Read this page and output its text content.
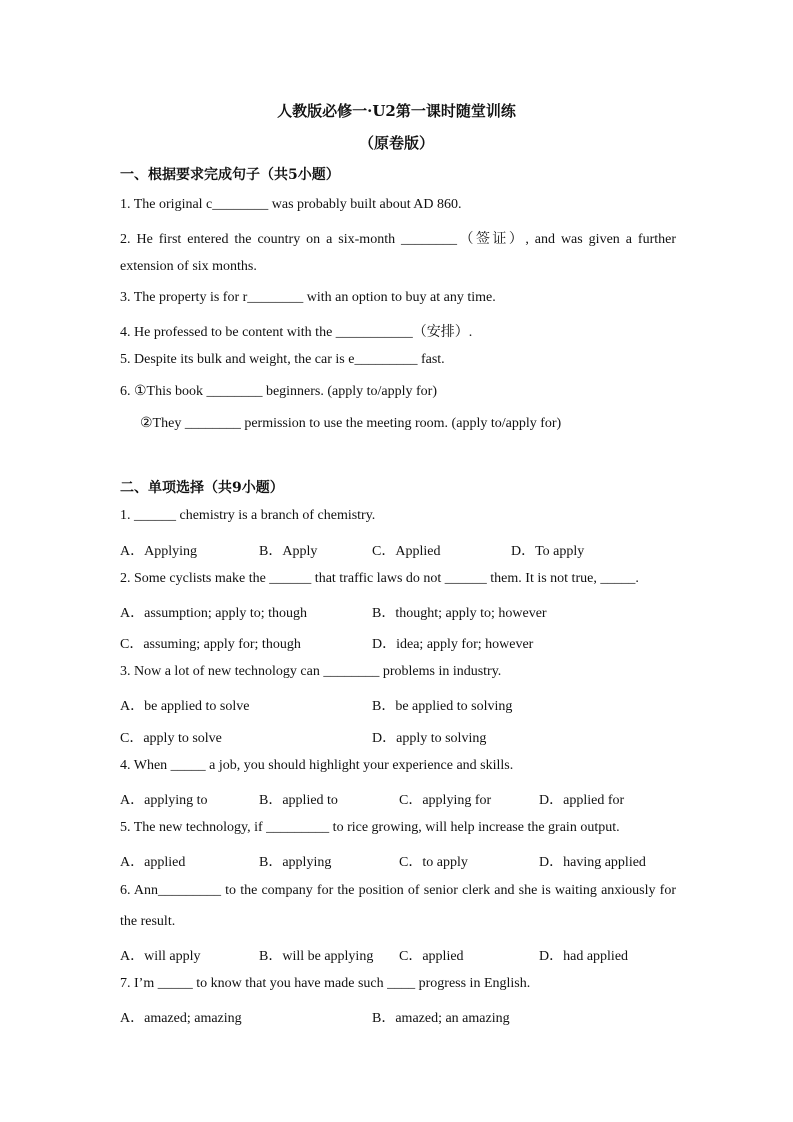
人教版必修一·U2第一课时随堂训练
（原卷版）
一、根据要求完成句子（共5小题）
1. The original c________ was probably built about AD 860.
2. He first entered the country on a six-month ________（签证）, and was given a further
extension of six months.
3. The property is for r________ with an option to buy at any time.
4. He professed to be content with the ___________（安排）.
5. Despite its bulk and weight, the car is e_________ fast.
6. ①This book ________ beginners. (apply to/apply for)
②They ________ permission to use the meeting room. (apply to/apply for)
二、单项选择（共9小题）
1. ______ chemistry is a branch of chemistry.
A．Applying	B．Apply	C．Applied	D．To apply
2. Some cyclists make the ______ that traffic laws do not ______ them. It is not true, _____.
A．assumption; apply to; though	B．thought; apply to; however
C．assuming; apply for; though	D．idea; apply for; however
3. Now a lot of new technology can ________ problems in industry.
A．be applied to solve	B．be applied to solving
C．apply to solve	D．apply to solving
4. When _____ a job, you should highlight your experience and skills.
A．applying to	B．applied to	C．applying for	D．applied for
5. The new technology, if _________ to rice growing, will help increase the grain output.
A．applied	B．applying	C．to apply	D．having applied
6. Ann_________ to the company for the position of senior clerk and she is waiting anxiously for
the result.
A．will apply	B．will be applying C．applied	D．had applied
7. I’m _____ to know that you have made such ____ progress in English.
A．amazed; amazing	B．amazed; an amazing
